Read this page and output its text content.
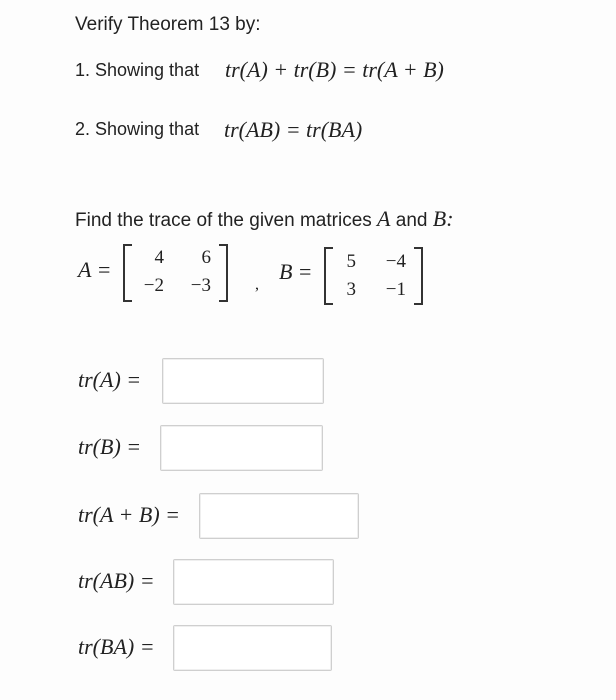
Verify Theorem 13 by:
1. Showing that tr(A) + tr(B) = tr(A + B)
2. Showing that tr(AB) = tr(BA)
Find the trace of the given matrices A and B:
A =	4	6
−2	−3	,
B =	5	−4
3	−1
tr(A) =
tr(B) =
tr(A + B) =
tr(AB) =
tr(BA) =
